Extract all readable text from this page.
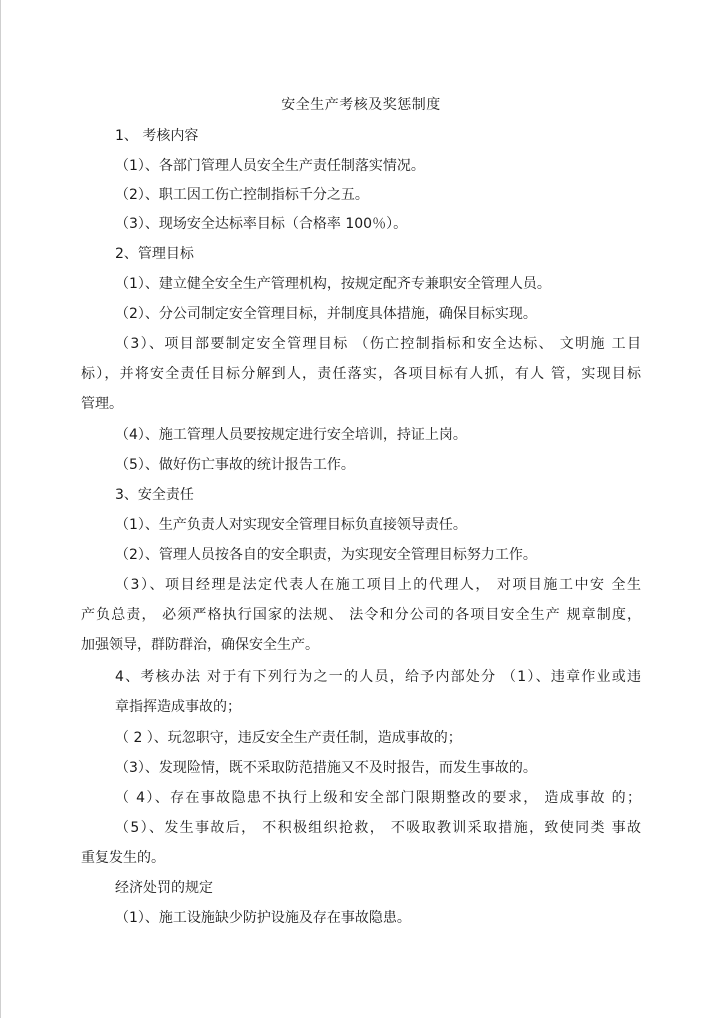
安全生产考核及奖惩制度
1、 考核内容
（1）、各部门管理人员安全生产责任制落实情况。
（2）、职工因工伤亡控制指标千分之五。
（3）、现场安全达标率目标（合格率 100％）。
2、管理目标
（1）、建立健全安全生产管理机构，按规定配齐专兼职安全管理人员。
（2）、分公司制定安全管理目标，并制度具体措施，确保目标实现。
（3）、项目部要制定安全管理目标 （伤亡控制指标和安全达标、 文明施 工目
标），并将安全责任目标分解到人，责任落实，各项目标有人抓，有人 管，实现目标
管理。
（4）、施工管理人员要按规定进行安全培训，持证上岗。
（5）、做好伤亡事故的统计报告工作。
3、安全责任
（1）、生产负责人对实现安全管理目标负直接领导责任。
（2）、管理人员按各自的安全职责，为实现安全管理目标努力工作。
（3）、项目经理是法定代表人在施工项目上的代理人， 对项目施工中安 全生
产负总责， 必须严格执行国家的法规、 法令和分公司的各项目安全生产 规章制度，
加强领导，群防群治，确保安全生产。
4、考核办法 对于有下列行为之一的人员，给予内部处分 （1）、违章作业或违
章指挥造成事故的；
（ 2 ）、玩忽职守，违反安全生产责任制，造成事故的；
（3）、发现险情，既不采取防范措施又不及时报告，而发生事故的。
（ 4）、存在事故隐患不执行上级和安全部门限期整改的要求， 造成事故 的；
（5）、发生事故后， 不积极组织抢救， 不吸取教训采取措施，致使同类 事故
重复发生的。
经济处罚的规定
（1）、施工设施缺少防护设施及存在事故隐患。
